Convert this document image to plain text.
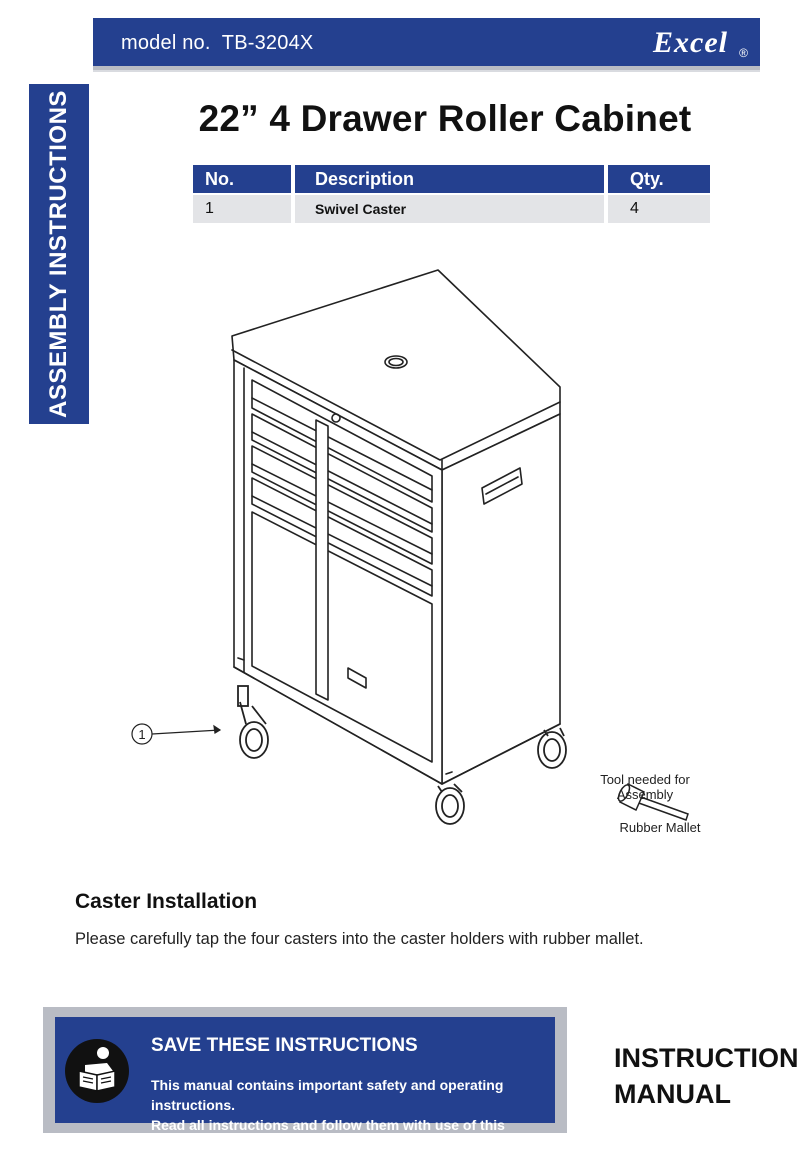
model no. TB-3204X	Excel ®
ASSEMBLY INSTRUCTIONS	22” 4 Drawer Roller Cabinet
No.	Description	Qty.
1	Swivel Caster	4
1
Tool needed for Assembly
Rubber Mallet
Caster Installation

Please carefully tap the four casters into the caster holders with rubber mallet.

SAVE THESE INSTRUCTIONS
This manual contains important safety and operating instructions.
Read all instructions and follow them with use of this product.
INSTRUCTION
MANUAL
